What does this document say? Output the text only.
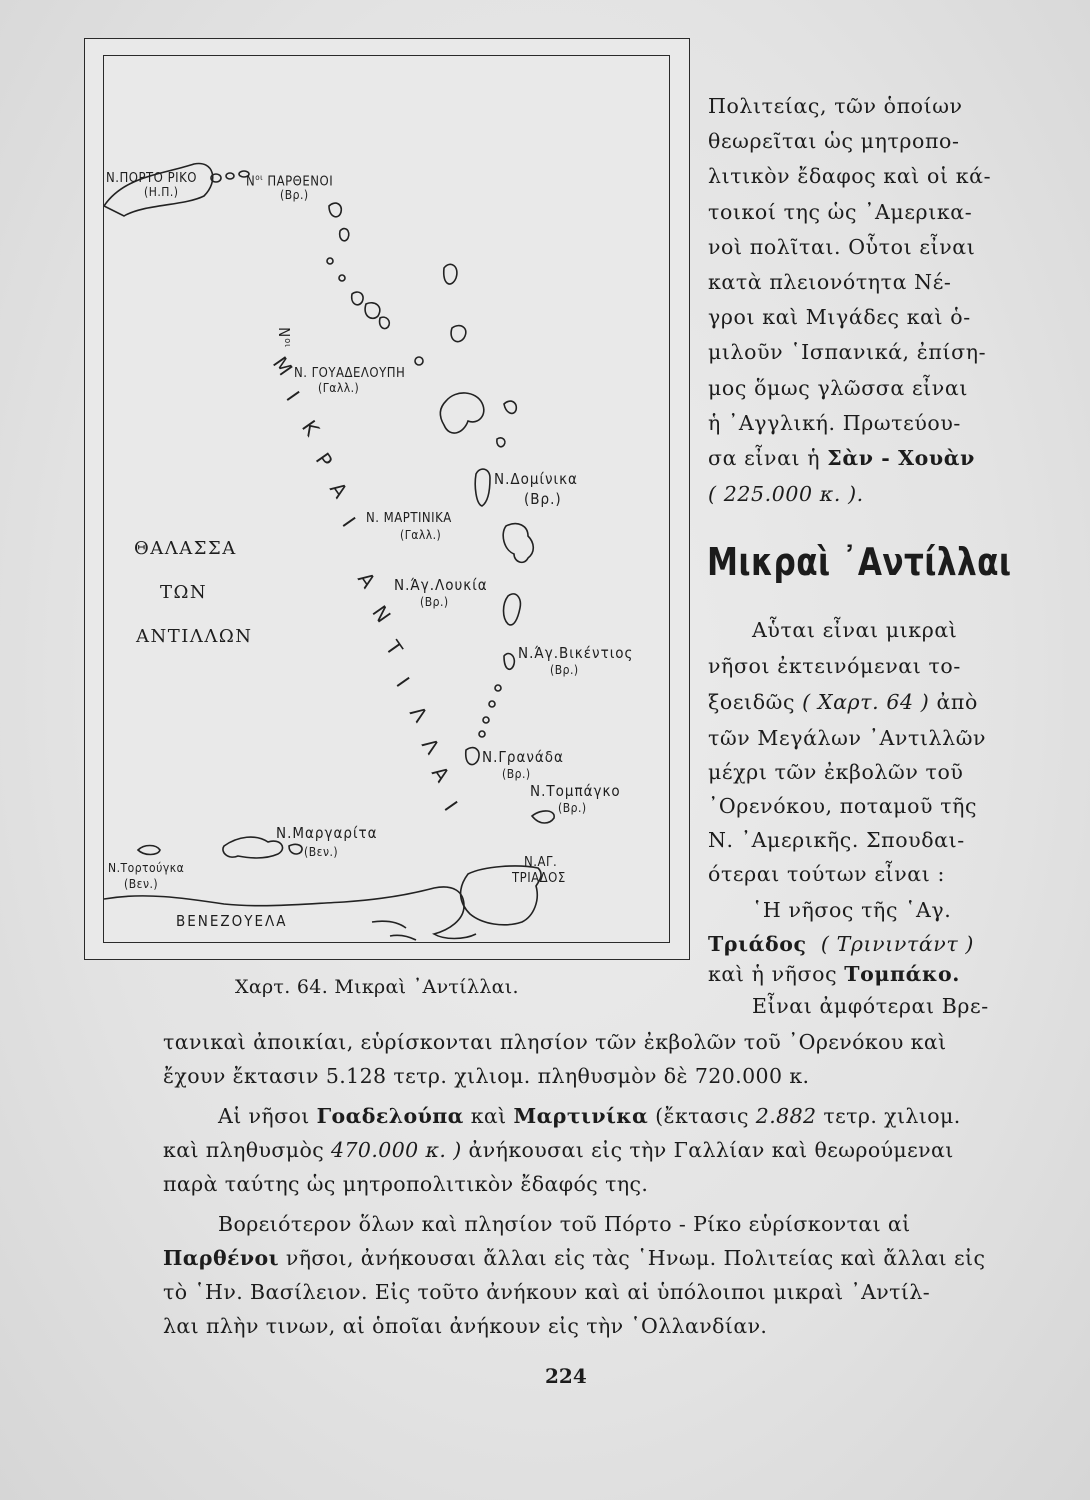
Ν.ΠΟΡΤΟ ΡΙΚΟ
(Η.Π.)
$N^{o\iota}$ ΠΑΡΘΕΝΟΙ
(Βρ.)
$N^{o\iota}$
Ν. ΓΟΥΑΔΕΛΟΥΠΗ
(Γαλλ.)
Ν.Δομίνικα
(Βρ.)
Ν. ΜΑΡΤΙΝΙΚΑ
(Γαλλ.)
Ν.Άγ.Λουκία
(Βρ.)
Ν.Άγ.Βικέντιος
(Βρ.)
Ν.Γρανάδα
(Βρ.)
Ν.Τομπάγκο
(Βρ.)
Ν.Μαργαρίτα
(Βεν.)
Ν.Τορτούγκα
(Βεν.)
Ν.ΑΓ.
ΤΡΙΑΔΟΣ
ΒΕΝΕΖΟΥΕΛΑ
ΘΑΛΑΣΣΑ
ΤΩΝ
ΑΝΤΙΛΛΩΝ
Μ
Ι
Κ
Ρ
Α
Ι
Α
Ν
Τ
Ι
Λ
Λ
Α
Ι
Χαρτ. 64. Μικραὶ ᾿Αντίλλαι.
Πολιτείας, τῶν ὁποίων
θεωρεῖται ὡς μητροπο-
λιτικὸν ἔδαφος καὶ οἱ κά-
τοικοί της ὡς ᾿Αμερικα-
νοὶ πολῖται. Οὗτοι εἶναι
κατὰ πλειονότητα Νέ-
γροι καὶ Μιγάδες καὶ ὁ-
μιλοῦν ῾Ισπανικά, ἐπίση-
μος ὅμως γλῶσσα εἶναι
ἡ ᾿Αγγλική. Πρωτεύου-
σα εἶναι ἡ Σὰν - Χουὰν
( 225.000 κ. ).
Μικραὶ ᾿Αντίλλαι
Αὗται εἶναι μικραὶ
νῆσοι ἐκτεινόμεναι το-
ξοειδῶς ( Χαρτ. 64 ) ἀπὸ
τῶν Μεγάλων ᾿Αντιλλῶν
μέχρι τῶν ἐκβολῶν τοῦ
᾿Ορενόκου, ποταμοῦ τῆς
Ν. ᾿Αμερικῆς. Σπουδαι-
ότεραι τούτων εἶναι :
῾Η νῆσος τῆς ῾Αγ.
Τριάδος ( Τρινιντάντ )
καὶ ἡ νῆσος Τομπάκο.
Εἶναι ἀμφότεραι Βρε-
τανικαὶ ἀποικίαι, εὑρίσκονται πλησίον τῶν ἐκβολῶν τοῦ ᾿Ορενόκου καὶ
ἔχουν ἔκτασιν 5.128 τετρ. χιλιομ. πληθυσμὸν δὲ 720.000 κ.
Αἱ νῆσοι Γοαδελούπα καὶ Μαρτινίκα (ἔκτασις 2.882 τετρ. χιλιομ.
καὶ πληθυσμὸς 470.000 κ. ) ἀνήκουσαι εἰς τὴν Γαλλίαν καὶ θεωρούμεναι
παρὰ ταύτης ὡς μητροπολιτικὸν ἔδαφός της.
Βορειότερον ὅλων καὶ πλησίον τοῦ Πόρτο - Ρίκο εὑρίσκονται αἱ
Παρθένοι νῆσοι, ἀνήκουσαι ἄλλαι εἰς τὰς ῾Ηνωμ. Πολιτείας καὶ ἄλλαι εἰς
τὸ ῾Ην. Βασίλειον. Εἰς τοῦτο ἀνήκουν καὶ αἱ ὑπόλοιποι μικραὶ ᾿Αντίλ-
λαι πλὴν τινων, αἱ ὁποῖαι ἀνήκουν εἰς τὴν ῾Ολλανδίαν.
224
